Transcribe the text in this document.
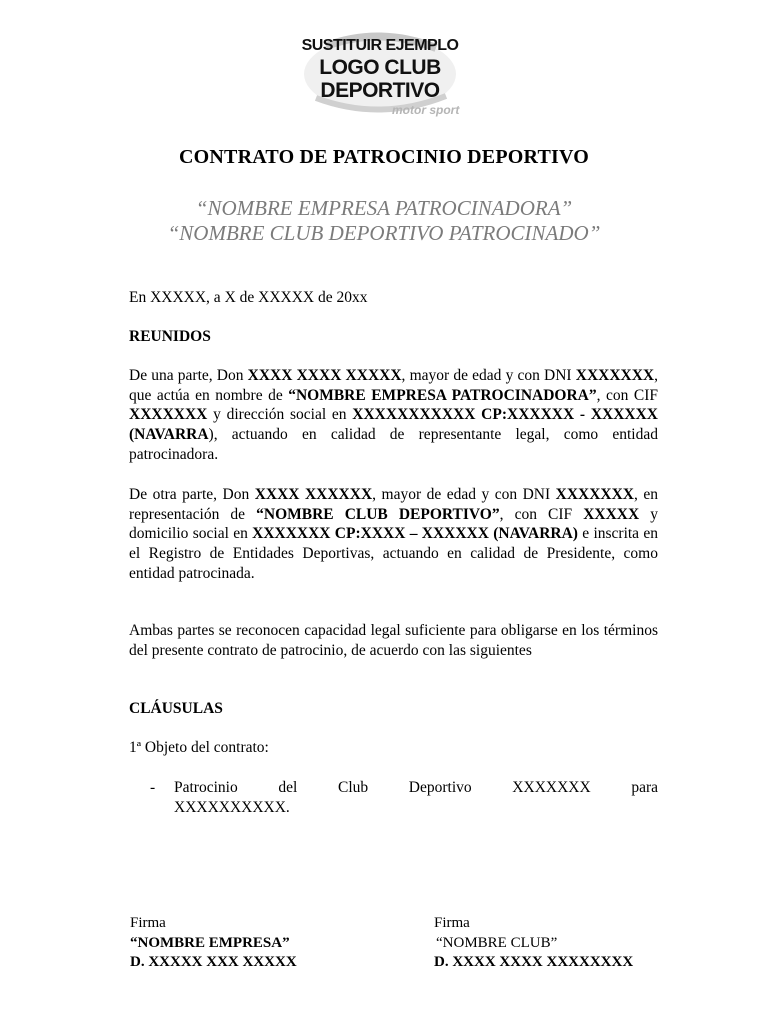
motor sport
SUSTITUIR EJEMPLO
LOGO CLUB
DEPORTIVO
CONTRATO DE PATROCINIO DEPORTIVO
“NOMBRE EMPRESA PATROCINADORA”
“NOMBRE CLUB DEPORTIVO PATROCINADO”
En XXXXX, a X de XXXXX de 20xx
REUNIDOS
De una parte, Don XXXX XXXX XXXXX, mayor de edad y con DNI XXXXXXX, que actúa en nombre de “NOMBRE EMPRESA PATROCINADORA”, con CIF XXXXXXX y dirección social en XXXXXXXXXXX CP:XXXXXX - XXXXXX (NAVARRA), actuando en calidad de representante legal, como entidad patrocinadora.
De otra parte, Don XXXX XXXXXX, mayor de edad y con DNI XXXXXXX, en representación de “NOMBRE CLUB DEPORTIVO”, con CIF XXXXX y domicilio social en XXXXXXX CP:XXXX – XXXXXX (NAVARRA) e inscrita en el Registro de Entidades Deportivas, actuando en calidad de Presidente, como entidad patrocinada.
Ambas partes se reconocen capacidad legal suficiente para obligarse en los términos del presente contrato de patrocinio, de acuerdo con las siguientes
CLÁUSULAS
1ª Objeto del contrato:
- Patrocinio del Club Deportivo XXXXXXX para
XXXXXXXXXX.
Firma
“NOMBRE EMPRESA”
D. XXXXX XXX XXXXX
Firma
“NOMBRE CLUB”
D. XXXX XXXX XXXXXXXX
